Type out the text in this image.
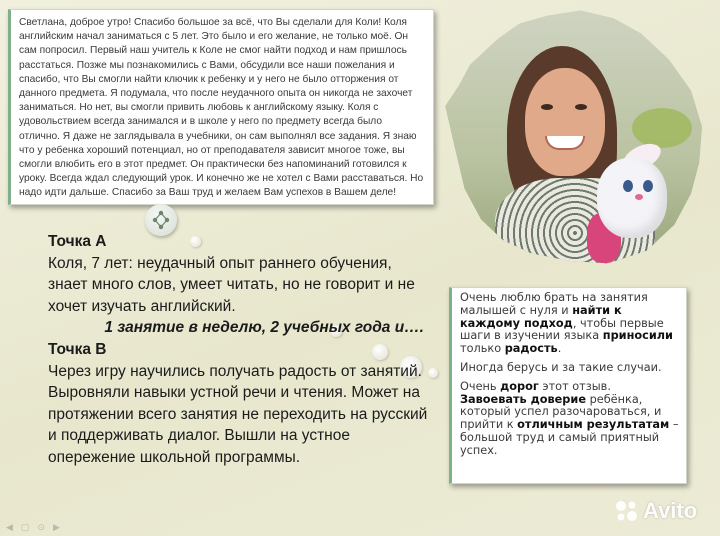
Светлана, доброе утро! Спасибо большое за всё, что Вы сделали для Коли! Коля английским начал заниматься с 5 лет. Это было и его желание, не только моё. Он сам попросил. Первый наш учитель к Коле не смог найти подход и нам пришлось расстаться. Позже мы познакомились с Вами, обсудили все наши пожелания и спасибо, что Вы смогли найти ключик к ребенку и у него не было отторжения от данного предмета. Я подумала, что после неудачного опыта он никогда не захочет заниматься. Но нет, вы смогли привить любовь к английскому языку. Коля с удовольствием всегда занимался и в школе у него по предмету всегда было отлично. Я даже не заглядывала в учебники, он сам выполнял все задания. Я знаю что у ребенка хороший потенциал, но от преподавателя зависит многое тоже, вы смогли влюбить его в этот предмет. Он практически без напоминаний готовился к уроку. Всегда ждал следующий урок. И конечно же не хотел с Вами расставаться. Но надо идти дальше. Спасибо за Ваш труд и желаем Вам успехов в Вашем деле!

Точка А

Коля, 7 лет: неудачный опыт раннего обучения, знает много слов, умеет читать, но не говорит и не хочет изучать английский.

1 занятие в неделю, 2 учебных года и….

Точка В

Через игру научились получать радость от занятий. Выровняли навыки устной речи и чтения. Может на протяжении всего занятия не переходить на русский и поддерживать диалог. Вышли на устное опережение школьной программы.

Очень люблю брать на занятия малышей с нуля и найти к каждому подход, чтобы первые шаги в изучении языка приносили только радость.

Иногда берусь и за такие случаи.

Очень дорог этот отзыв. Завоевать доверие ребёнка, который успел разочароваться, и прийти к отличным результатам – большой труд и самый приятный успех.

◀ ▢ ⊙ ▶
Avito
